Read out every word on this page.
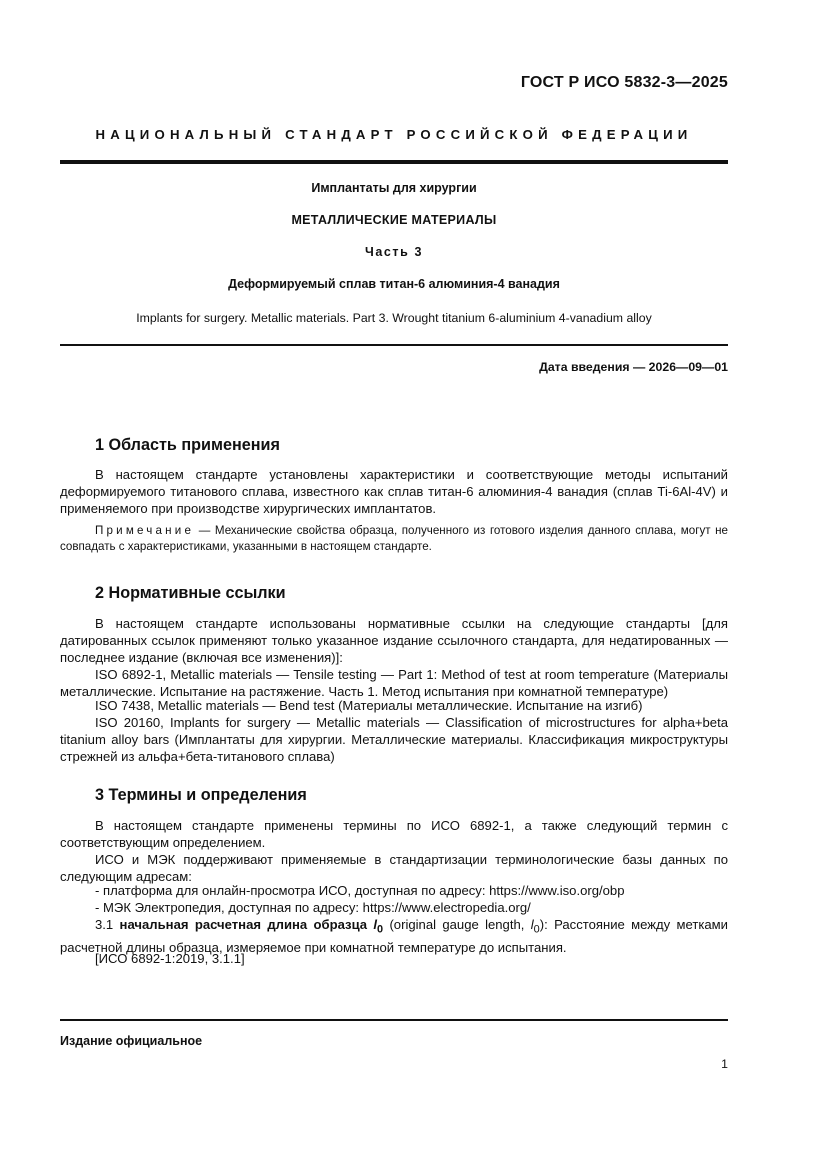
ГОСТ Р ИСО 5832-3—2025
НАЦИОНАЛЬНЫЙ СТАНДАРТ РОССИЙСКОЙ ФЕДЕРАЦИИ
Имплантаты для хирургии
МЕТАЛЛИЧЕСКИЕ МАТЕРИАЛЫ
Часть 3
Деформируемый сплав титан-6 алюминия-4 ванадия
Implants for surgery. Metallic materials. Part 3. Wrought titanium 6-aluminium 4-vanadium alloy
Дата введения — 2026—09—01
1 Область применения
В настоящем стандарте установлены характеристики и соответствующие методы испытаний деформируемого титанового сплава, известного как сплав титан-6 алюминия-4 ванадия (сплав Ti-6Al-4V) и применяемого при производстве хирургических имплантатов.
Примечание — Механические свойства образца, полученного из готового изделия данного сплава, могут не совпадать с характеристиками, указанными в настоящем стандарте.
2 Нормативные ссылки
В настоящем стандарте использованы нормативные ссылки на следующие стандарты [для датированных ссылок применяют только указанное издание ссылочного стандарта, для недатированных — последнее издание (включая все изменения)]:
ISO 6892-1, Metallic materials — Tensile testing — Part 1: Method of test at room temperature (Материалы металлические. Испытание на растяжение. Часть 1. Метод испытания при комнатной температуре)
ISO 7438, Metallic materials — Bend test (Материалы металлические. Испытание на изгиб)
ISO 20160, Implants for surgery — Metallic materials — Classification of microstructures for alpha+beta titanium alloy bars (Имплантаты для хирургии. Металлические материалы. Классификация микроструктуры стрежней из альфа+бета-титанового сплава)
3 Термины и определения
В настоящем стандарте применены термины по ИСО 6892-1, а также следующий термин с соответствующим определением.
ИСО и МЭК поддерживают применяемые в стандартизации терминологические базы данных по следующим адресам:
- платформа для онлайн-просмотра ИСО, доступная по адресу: https://www.iso.org/obp
- МЭК Электропедия, доступная по адресу: https://www.electropedia.org/
3.1 начальная расчетная длина образца $l_0$ (original gauge length, $l_0$): Расстояние между метками расчетной длины образца, измеряемое при комнатной температуре до испытания.
[ИСО 6892-1:2019, 3.1.1]
Издание официальное
1
